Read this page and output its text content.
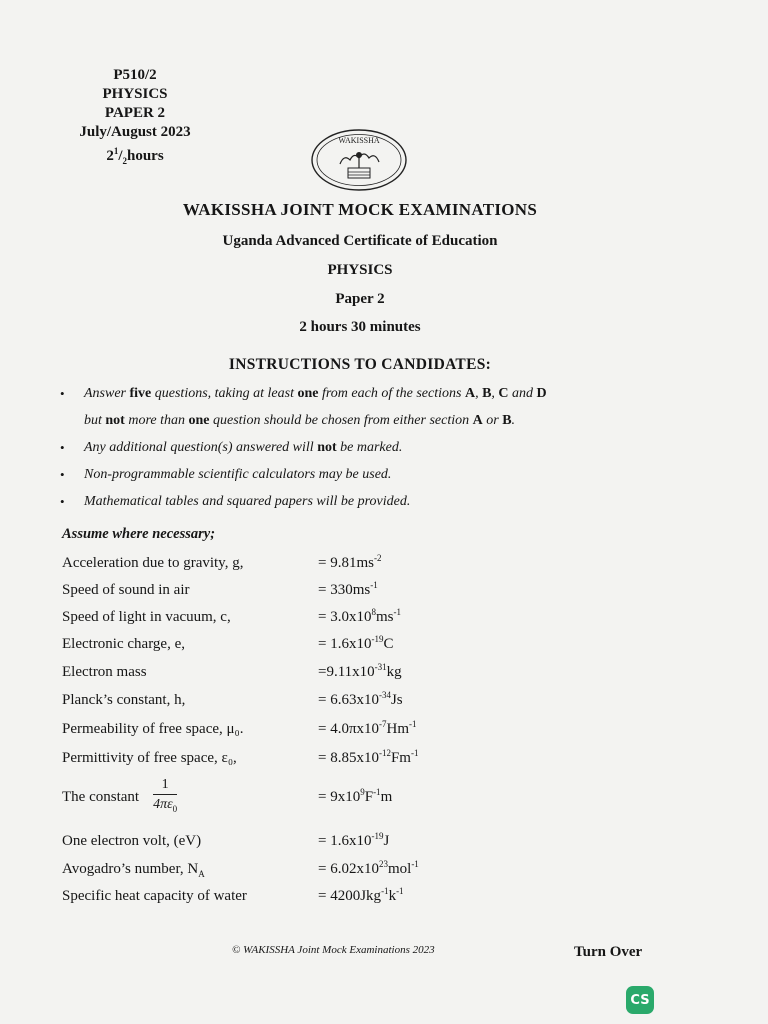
P510/2
PHYSICS
PAPER 2
July/August 2023
$2^1/_2hours$
WAKISSHA
WAKISSHA JOINT MOCK EXAMINATIONS
Uganda Advanced Certificate of Education
PHYSICS
Paper 2
2 hours 30 minutes
INSTRUCTIONS TO CANDIDATES:
• Answer five questions, taking at least one from each of the sections A, B, C and D
but not more than one question should be chosen from either section A or B.
• Any additional question(s) answered will not be marked.
• Non-programmable scientific calculators may be used.
• Mathematical tables and squared papers will be provided.
Assume where necessary;
Acceleration due to gravity, g,	= $9.81ms^{-2}$
Speed of sound in air	= $330ms^{-1}$
Speed of light in vacuum, c,	= $3.0x10^8ms^{-1}$
Electronic charge, e,	= $1.6x10^{-19}C$
Electron mass	$=9.11x10^{-31}kg$
Planck’s constant, h,	= $6.63x10^{-34}Js$
Permeability of free space, μ₀.	= $4.0\pi x10^{-7}Hm^{-1}$
Permittivity of free space, ε₀,	= $8.85x10^{-12}Fm^{-1}$
The constant $\frac{1}{4\pi\varepsilon_0}$	= $9x10^9F^{-1}m$
One electron volt, (eV)	= $1.6x10^{-19}J$
Avogadro’s number, $N_A$	= $6.02x10^{23}mol^{-1}$
Specific heat capacity of water	= $4200Jkg^{-1}k^{-1}$
© WAKISSHA Joint Mock Examinations 2023	Turn Over
CS
